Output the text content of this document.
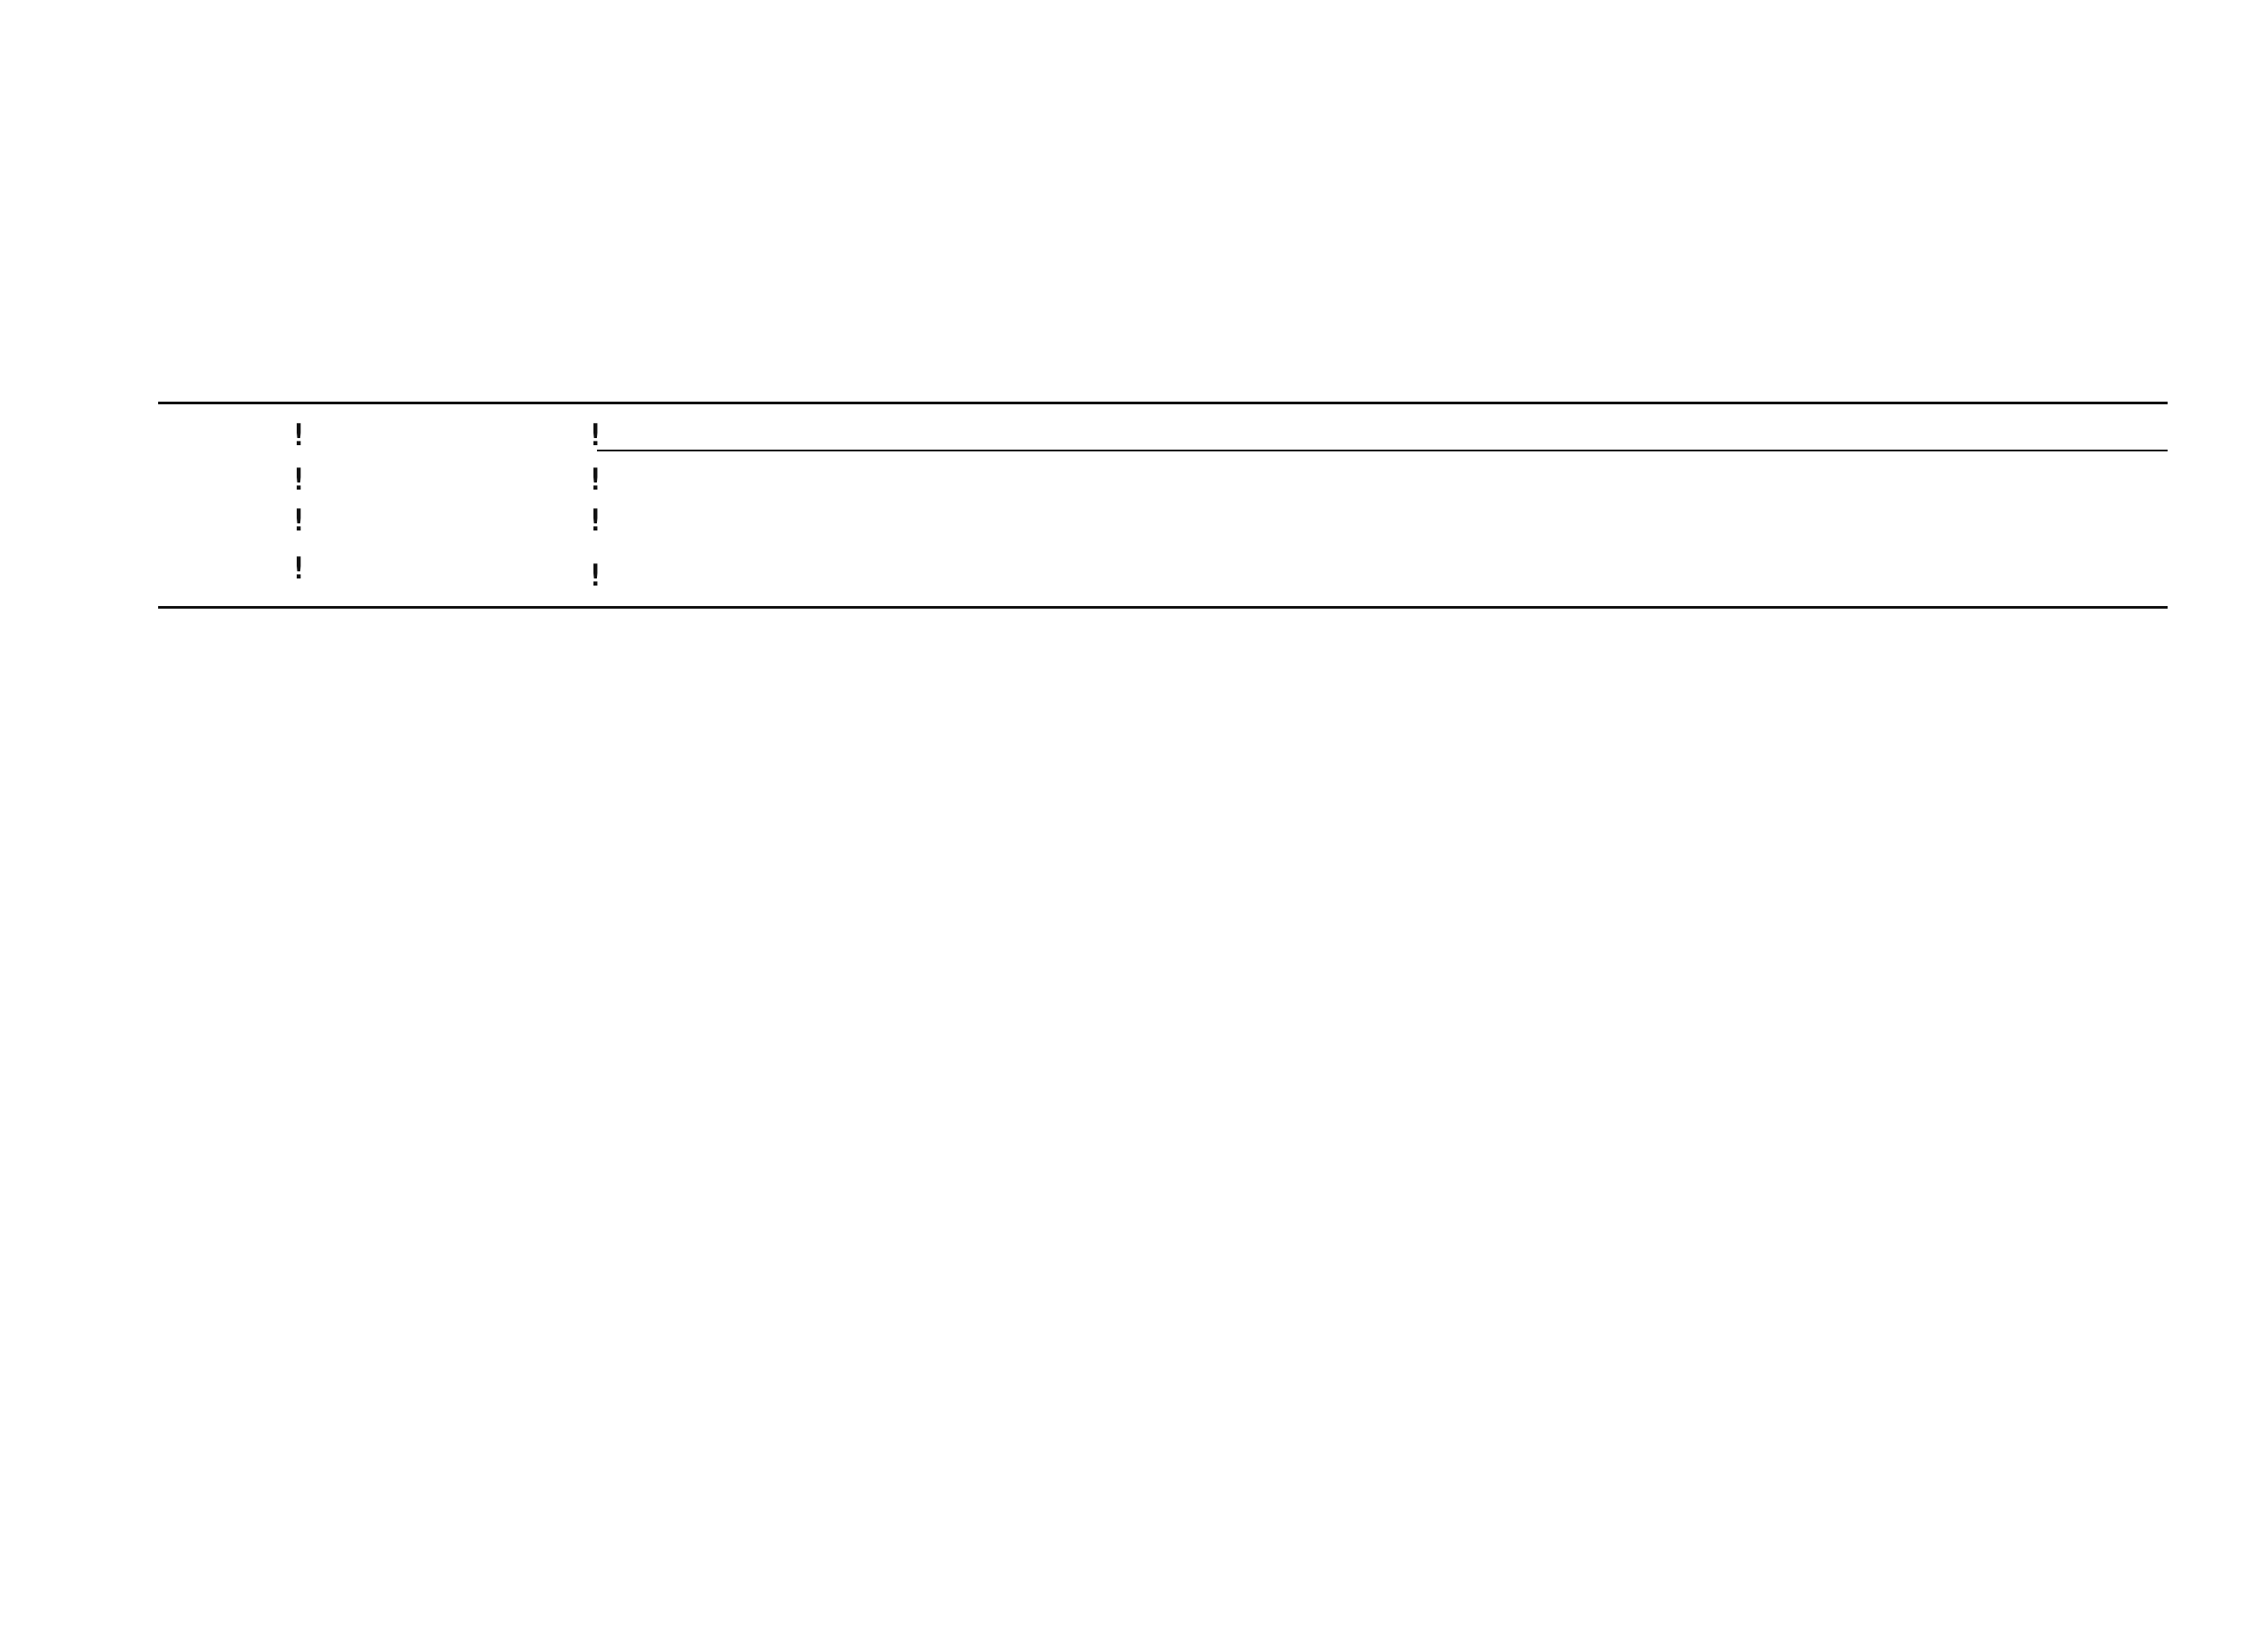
!
!
!
!
!
!
!
!
